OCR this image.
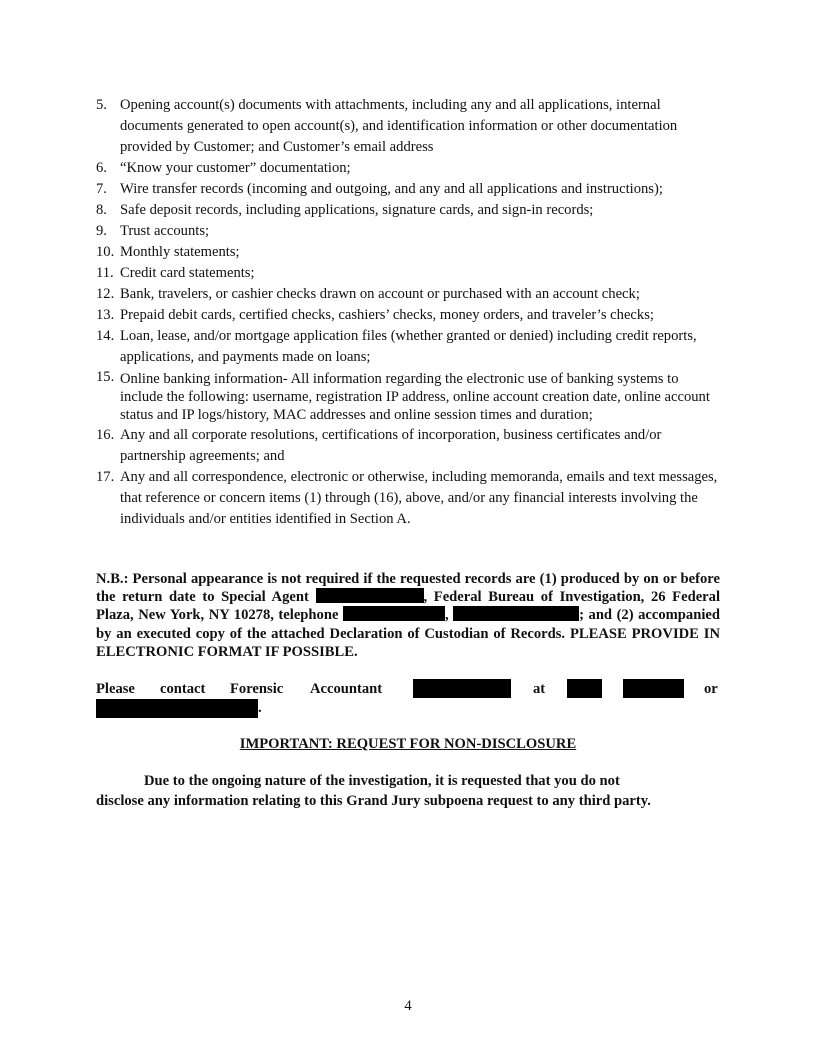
5. Opening account(s) documents with attachments, including any and all applications, internal documents generated to open account(s), and identification information or other documentation provided by Customer; and Customer’s email address
6. “Know your customer” documentation;
7. Wire transfer records (incoming and outgoing, and any and all applications and instructions);
8. Safe deposit records, including applications, signature cards, and sign-in records;
9. Trust accounts;
10. Monthly statements;
11. Credit card statements;
12. Bank, travelers, or cashier checks drawn on account or purchased with an account check;
13. Prepaid debit cards, certified checks, cashiers’ checks, money orders, and traveler’s checks;
14. Loan, lease, and/or mortgage application files (whether granted or denied) including credit reports, applications, and payments made on loans;
15. Online banking information- All information regarding the electronic use of banking systems to include the following: username, registration IP address, online account creation date, online account status and IP logs/history, MAC addresses and online session times and duration;
16. Any and all corporate resolutions, certifications of incorporation, business certificates and/or partnership agreements; and
17. Any and all correspondence, electronic or otherwise, including memoranda, emails and text messages, that reference or concern items (1) through (16), above, and/or any financial interests involving the individuals and/or entities identified in Section A.
N.B.: Personal appearance is not required if the requested records are (1) produced by on or before the return date to Special Agent	, Federal Bureau of Investigation, 26 Federal Plaza, New York, NY 10278, telephone	,	; and (2) accompanied by an executed copy of the attached Declaration of Custodian of Records. PLEASE PROVIDE IN ELECTRONIC FORMAT IF POSSIBLE.
Please contact Forensic Accountant	at	or
.
IMPORTANT: REQUEST FOR NON-DISCLOSURE
Due to the ongoing nature of the investigation, it is requested that you do not
disclose any information relating to this Grand Jury subpoena request to any third party.
4
